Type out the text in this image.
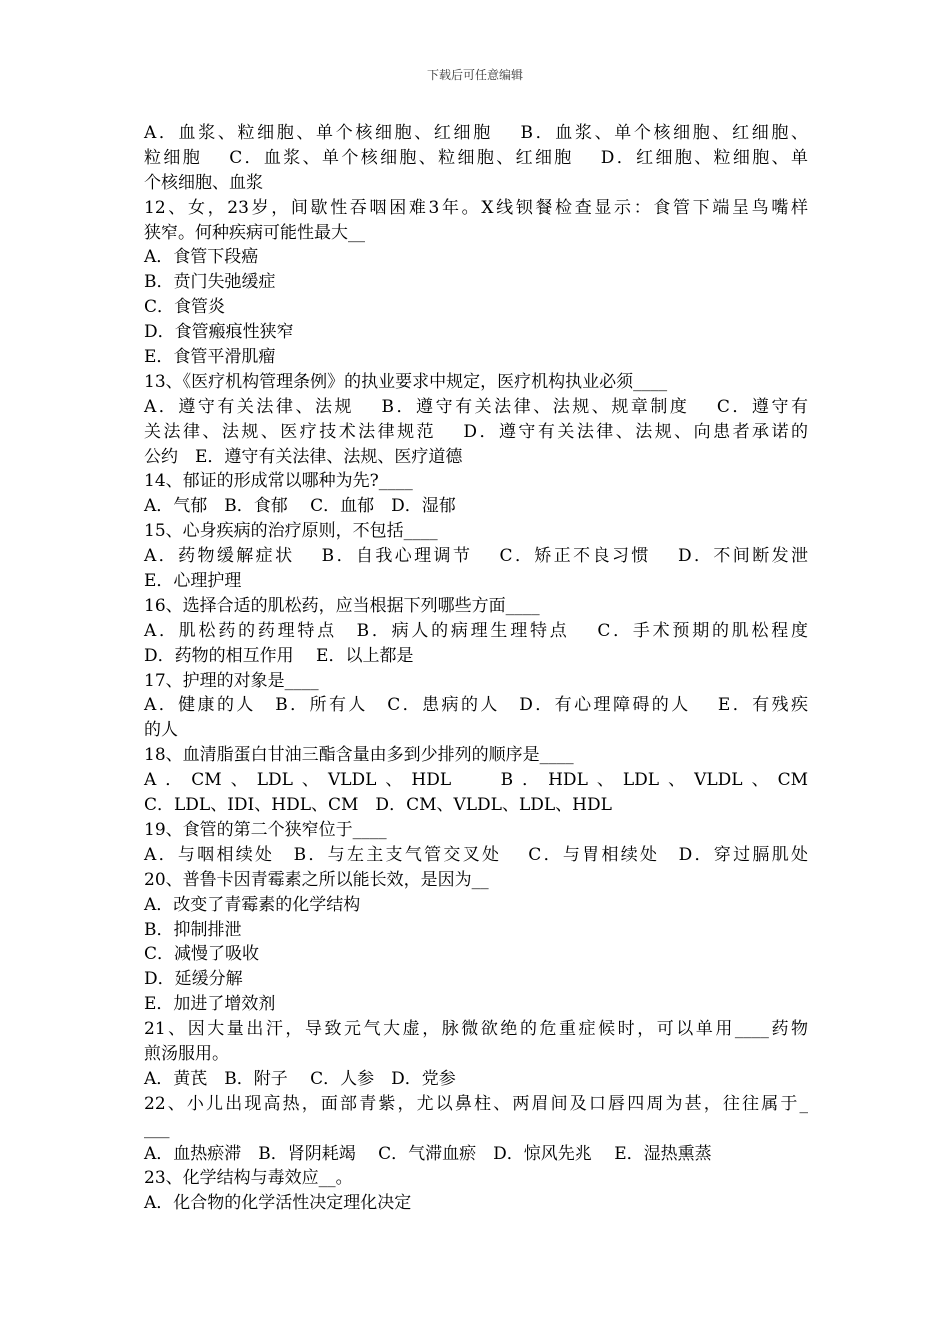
下载后可任意编辑
A．血浆、粒细胞、单个核细胞、红细胞　 B．血浆、单个核细胞、红细胞、
粒细胞　 C．血浆、单个核细胞、粒细胞、红细胞　 D．红细胞、粒细胞、单
个核细胞、血浆
12、女，23岁，间歇性吞咽困难3年。X线钡餐检查显示：食管下端呈鸟嘴样
狭窄。何种疾病可能性最大__
A．食管下段癌
B．贲门失弛缓症
C．食管炎
D．食管瘢痕性狭窄
E．食管平滑肌瘤
13、《医疗机构管理条例》的执业要求中规定，医疗机构执业必须____
A．遵守有关法律、法规　 B．遵守有关法律、法规、规章制度　 C．遵守有
关法律、法规、医疗技术法律规范　 D．遵守有关法律、法规、向患者承诺的
公约　E．遵守有关法律、法规、医疗道德
14、郁证的形成常以哪种为先?____
A．气郁　B．食郁　 C．血郁　D．湿郁
15、心身疾病的治疗原则，不包括____
A．药物缓解症状　 B．自我心理调节　 C．矫正不良习惯　 D．不间断发泄
E．心理护理
16、选择合适的肌松药，应当根据下列哪些方面____
A．肌松药的药理特点　B．病人的病理生理特点　 C．手术预期的肌松程度
D．药物的相互作用　 E．以上都是
17、护理的对象是____
A．健康的人　B．所有人　C．患病的人　D．有心理障碍的人　 E．有残疾
的人
18、血清脂蛋白甘油三酯含量由多到少排列的顺序是____
A．CM、LDL、VLDL、HDL　 B．HDL、LDL、VLDL、CM
C．LDL、IDI、HDL、CM　D．CM、VLDL、LDL、HDL
19、食管的第二个狭窄位于____
A．与咽相续处　B．与左主支气管交叉处　 C．与胃相续处　D．穿过膈肌处
20、普鲁卡因青霉素之所以能长效，是因为__
A．改变了青霉素的化学结构
B．抑制排泄
C．减慢了吸收
D．延缓分解
E．加进了增效剂
21、因大量出汗，导致元气大虚，脉微欲绝的危重症候时，可以单用____药物
煎汤服用。
A．黄芪　B．附子　 C．人参　D．党参
22、小儿出现高热，面部青紫，尤以鼻柱、两眉间及口唇四周为甚，往往属于_
___
A．血热瘀滞　B．肾阴耗竭　 C．气滞血瘀　D．惊风先兆　 E．湿热熏蒸
23、化学结构与毒效应__。
A．化合物的化学活性决定理化决定
